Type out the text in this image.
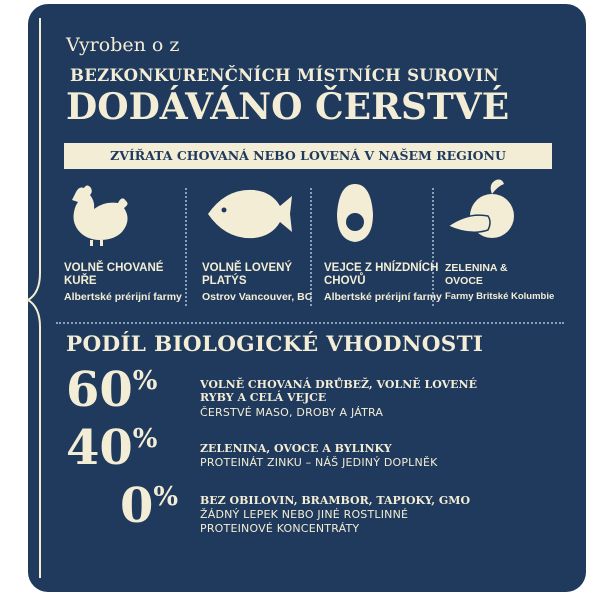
Vyroben o z
BEZKONKURENČNÍCH MÍSTNÍCH SUROVIN
DODÁVÁNO ČERSTVÉ
ZVÍŘATA CHOVANÁ NEBO LOVENÁ V NAŠEM REGIONU
VOLNĚ CHOVANÉ
KUŘE
Albertské prérijní farmy
VOLNĚ LOVENÝ
PLATÝS
Ostrov Vancouver, BC
VEJCE Z HNÍZDNÍCH
CHOVŮ
Albertské prérijní farmy
ZELENINA &
OVOCE
Farmy Britské Kolumbie
PODÍL BIOLOGICKÉ VHODNOSTI
60%	VOLNĚ CHOVANÁ DRŮBEŽ, VOLNĚ LOVENÉ
RYBY A CELÁ VEJCE
ČERSTVÉ MASO, DROBY A JÁTRA
40%	ZELENINA, OVOCE A BYLINKY
PROTEINÁT ZINKU – NÁŠ JEDINÝ DOPLNĚK
0% BEZ OBILOVIN, BRAMBOR, TAPIOKY, GMO
ŽÁDNÝ LEPEK NEBO JINÉ ROSTLINNÉ
PROTEINOVÉ KONCENTRÁTY
